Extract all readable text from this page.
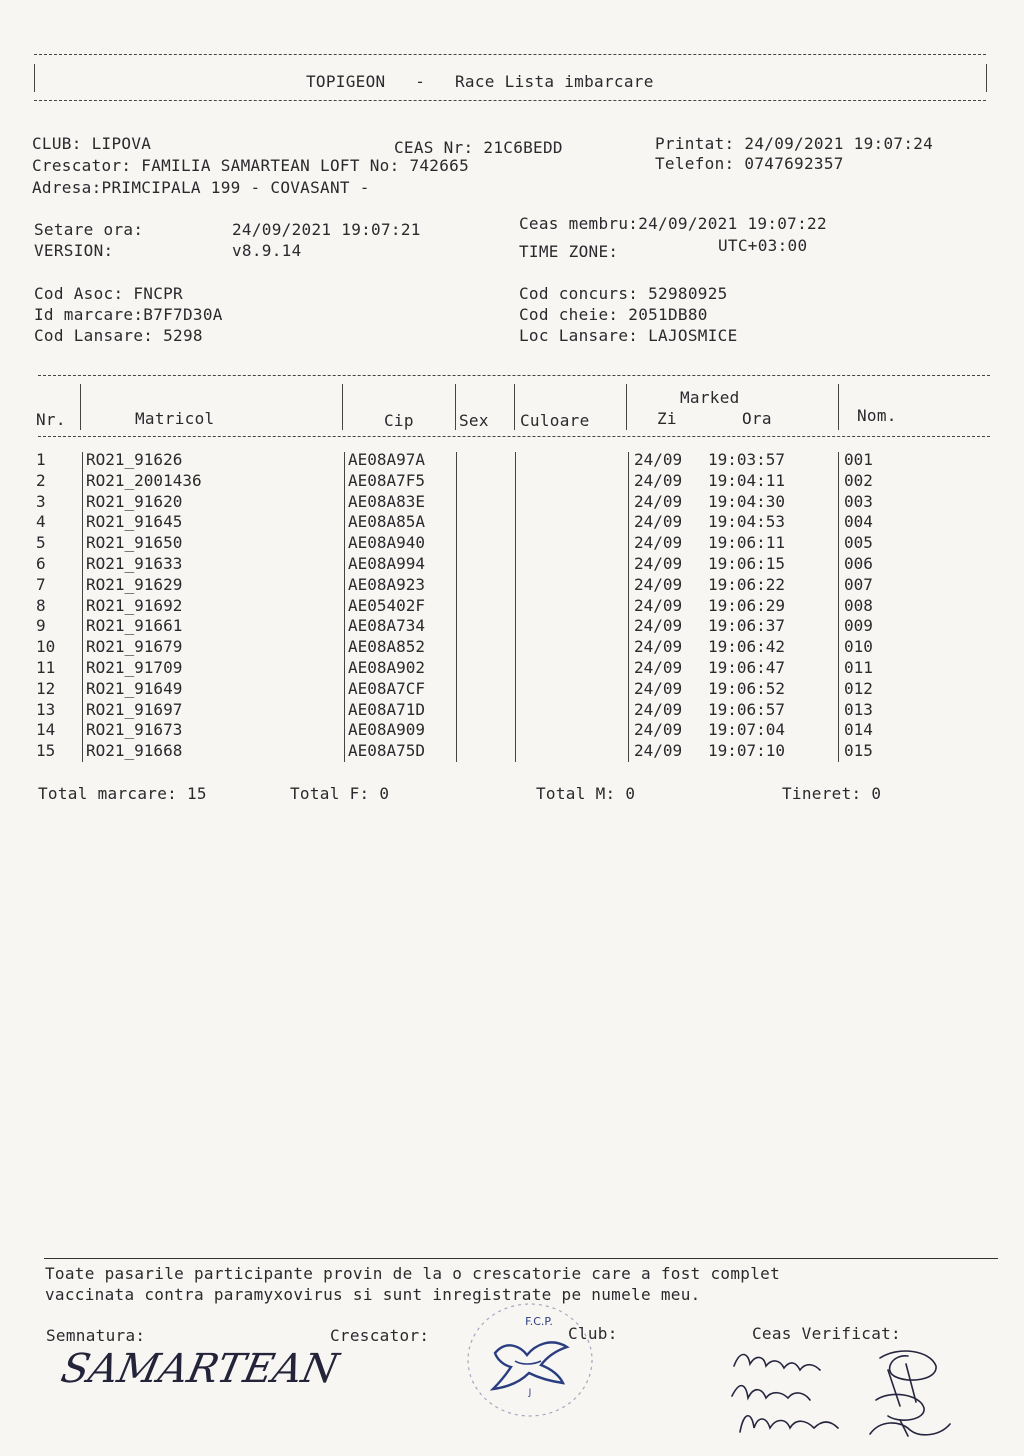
TOPIGEON   -   Race Lista imbarcare
CLUB: LIPOVA	CEAS Nr: 21C6BEDD	Printat: 24/09/2021 19:07:24
Crescator: FAMILIA SAMARTEAN LOFT No: 742665	Telefon: 0747692357
Adresa:PRIMCIPALA 199 - COVASANT -
Setare ora:	24/09/2021 19:07:21	Ceas membru:24/09/2021 19:07:22
VERSION:	v8.9.14	TIME ZONE:	UTC+03:00
Cod Asoc: FNCPR	Cod concurs: 52980925
Id marcare:B7F7D30A	Cod cheie: 2051DB80
Cod Lansare: 5298	Loc Lansare: LAJOSMICE
Nr.	Matricol	Cip	Sex Culoare
Marked
Zi	Ora	Nom.
1	RO21_91626	AE08A97A	24/09 19:03:57	001
2	RO21_2001436	AE08A7F5	24/09 19:04:11	002
3	RO21_91620	AE08A83E	24/09 19:04:30	003
4	RO21_91645	AE08A85A	24/09 19:04:53	004
5	RO21_91650	AE08A940	24/09 19:06:11	005
6	RO21_91633	AE08A994	24/09 19:06:15	006
7	RO21_91629	AE08A923	24/09 19:06:22	007
8	RO21_91692	AE05402F	24/09 19:06:29	008
9	RO21_91661	AE08A734	24/09 19:06:37	009
10 RO21_91679	AE08A852	24/09 19:06:42	010
11 RO21_91709	AE08A902	24/09 19:06:47	011
12 RO21_91649	AE08A7CF	24/09 19:06:52	012
13 RO21_91697	AE08A71D	24/09 19:06:57	013
14 RO21_91673	AE08A909	24/09 19:07:04	014
15 RO21_91668	AE08A75D	24/09 19:07:10	015
Total marcare: 15	Total F: 0	Total M: 0	Tineret: 0
Toate pasarile participante provin de la o crescatorie care a fost complet
vaccinata contra paramyxovirus si sunt inregistrate pe numele meu.
Semnatura:	Crescator:	Club:	Ceas Verificat:
SAMARTEAN
J
F.C.P.
